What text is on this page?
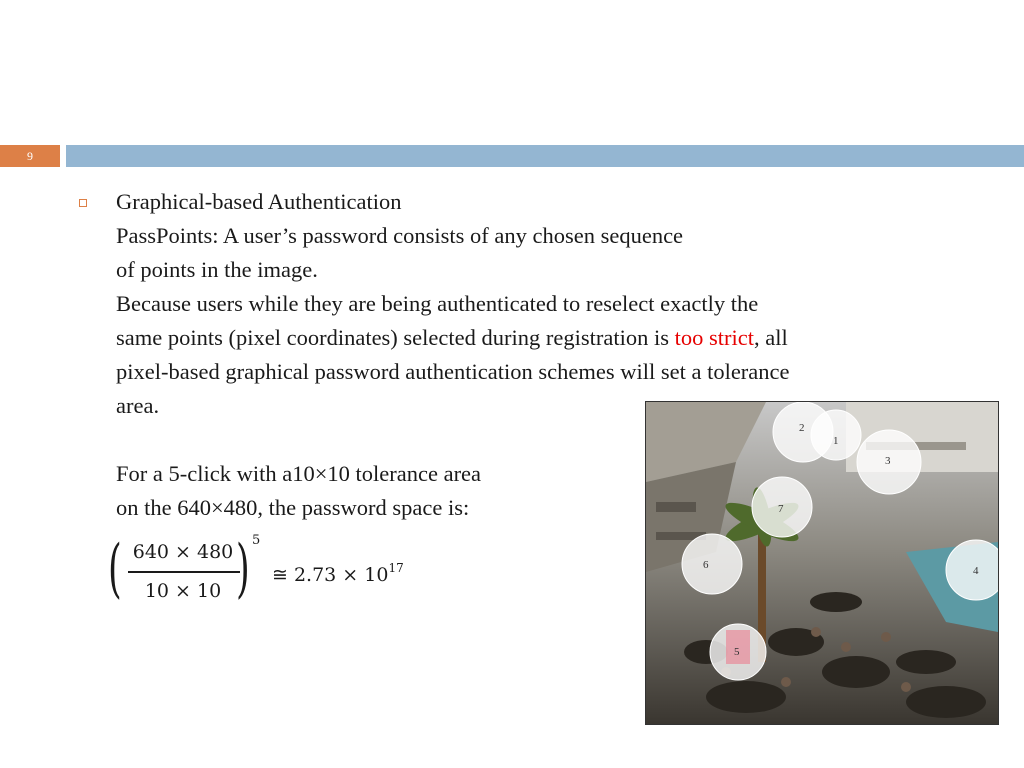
9
Graphical-based Authentication
PassPoints: A user’s password consists of any chosen sequence
of points in the image.
Because users while they are being authenticated to reselect exactly the
same points (pixel coordinates) selected during registration is too strict, all
pixel-based graphical password authentication schemes will set a tolerance
area.
For a 5-click with a10×10 tolerance area
on the 640×480, the password space is:
( 640 × 480
10 × 10 ) 5
≅ $2.73 \times 10^{17}$
2
1
3
7
6	4
5
